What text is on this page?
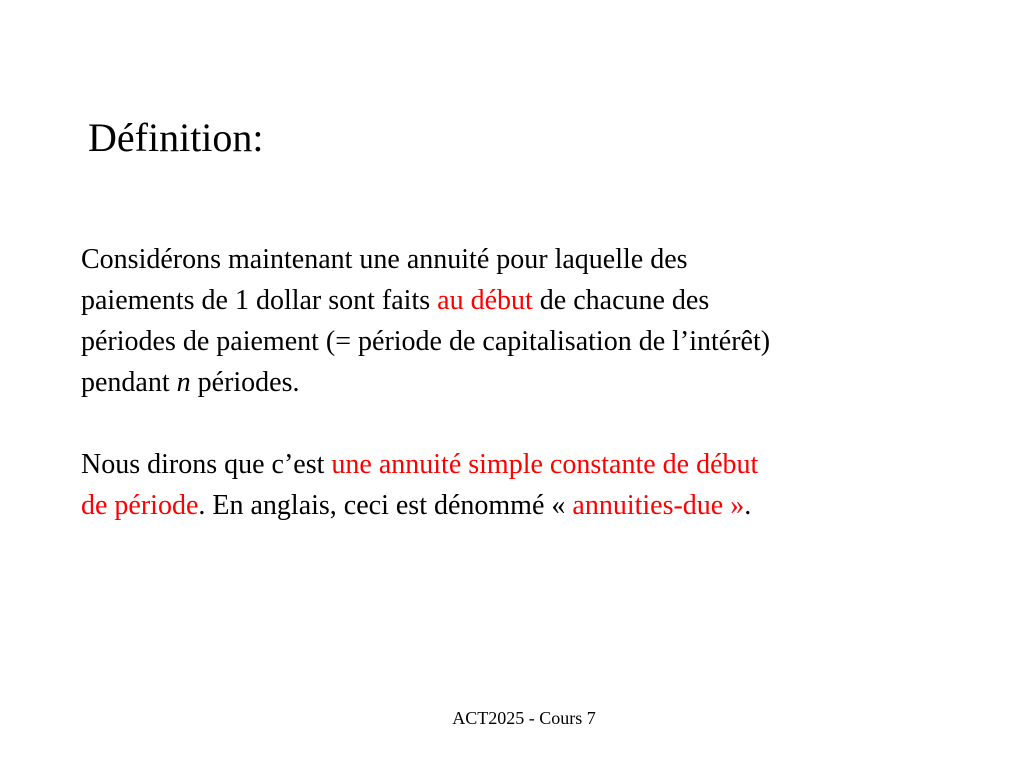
Définition:

Considérons maintenant une annuité pour laquelle des
paiements de 1 dollar sont faits au début de chacune des
périodes de paiement (= période de capitalisation de l’intérêt)
pendant n périodes.

Nous dirons que c’est une annuité simple constante de début
de période. En anglais, ceci est dénommé « annuities-due ».

ACT2025 - Cours 7
